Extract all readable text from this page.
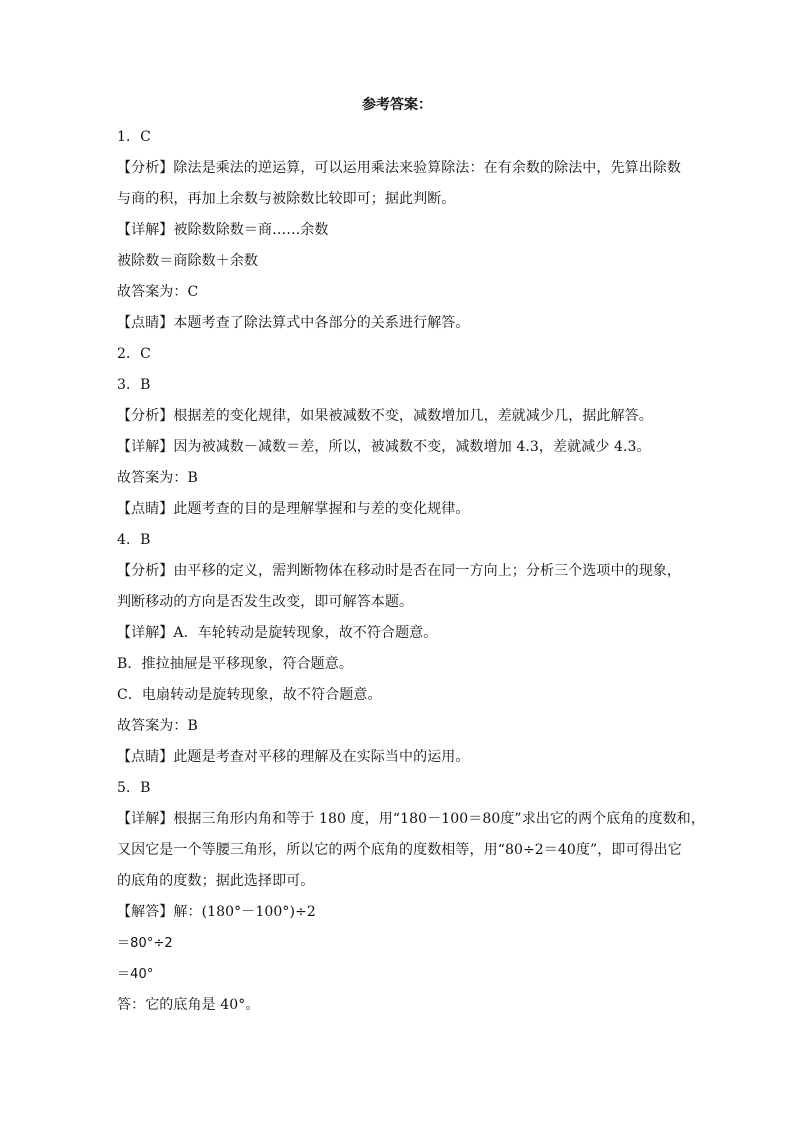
参考答案：
1．C
【分析】除法是乘法的逆运算，可以运用乘法来验算除法：在有余数的除法中，先算出除数
与商的积，再加上余数与被除数比较即可；据此判断。
【详解】被除数除数＝商……余数
被除数＝商除数＋余数
故答案为：C
【点睛】本题考查了除法算式中各部分的关系进行解答。
2．C
3．B
【分析】根据差的变化规律，如果被减数不变，减数增加几，差就减少几，据此解答。
【详解】因为被减数－减数＝差，所以，被减数不变，减数增加 4.3，差就减少 4.3。
故答案为：B
【点睛】此题考查的目的是理解掌握和与差的变化规律。
4．B
【分析】由平移的定义，需判断物体在移动时是否在同一方向上；分析三个选项中的现象，
判断移动的方向是否发生改变，即可解答本题。
【详解】A．车轮转动是旋转现象，故不符合题意。
B．推拉抽屉是平移现象，符合题意。
C．电扇转动是旋转现象，故不符合题意。
故答案为：B
【点睛】此题是考查对平移的理解及在实际当中的运用。
5．B
【详解】根据三角形内角和等于 180 度，用“180－100＝80度”求出它的两个底角的度数和，
又因它是一个等腰三角形，所以它的两个底角的度数相等，用“80÷2＝40度”，即可得出它
的底角的度数；据此选择即可。
【解答】解：(180°－100°)÷2
＝80°÷2
＝40°
答：它的底角是 40°。
